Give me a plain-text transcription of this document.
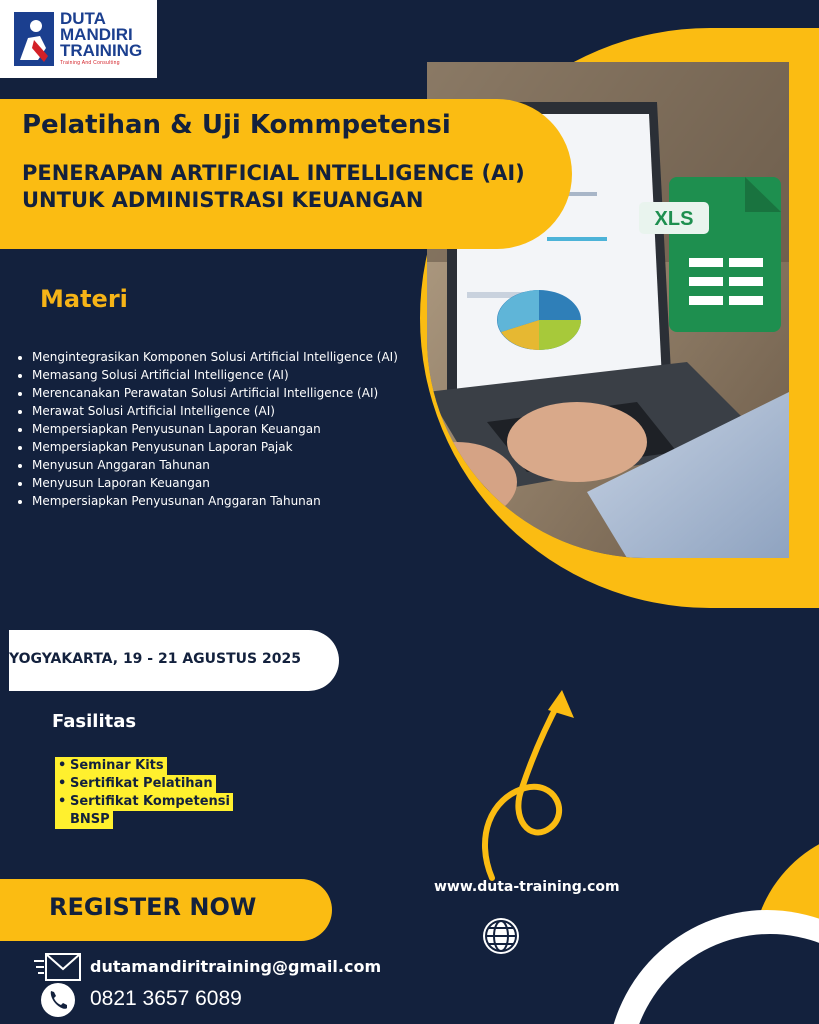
XLS
DUTA
MANDIRI
TRAINING
Training And Consulting
Pelatihan & Uji Kommpetensi
PENERAPAN ARTIFICIAL INTELLIGENCE (AI) UNTUK ADMINISTRASI KEUANGAN
Materi
• Mengintegrasikan Komponen Solusi Artificial Intelligence (AI)
• Memasang Solusi Artificial Intelligence (AI)
• Merencanakan Perawatan Solusi Artificial Intelligence (AI)
• Merawat Solusi Artificial Intelligence (AI)
• Mempersiapkan Penyusunan Laporan Keuangan
• Mempersiapkan Penyusunan Laporan Pajak
• Menyusun Anggaran Tahunan
• Menyusun Laporan Keuangan
• Mempersiapkan Penyusunan Anggaran Tahunan
YOGYAKARTA, 19 - 21 AGUSTUS 2025
Fasilitas
• Seminar Kits
• Sertifikat Pelatihan
• Sertifikat Kompetensi
BNSP
www.duta-training.com
REGISTER NOW
dutamandiritraining@gmail.com
0821 3657 6089
